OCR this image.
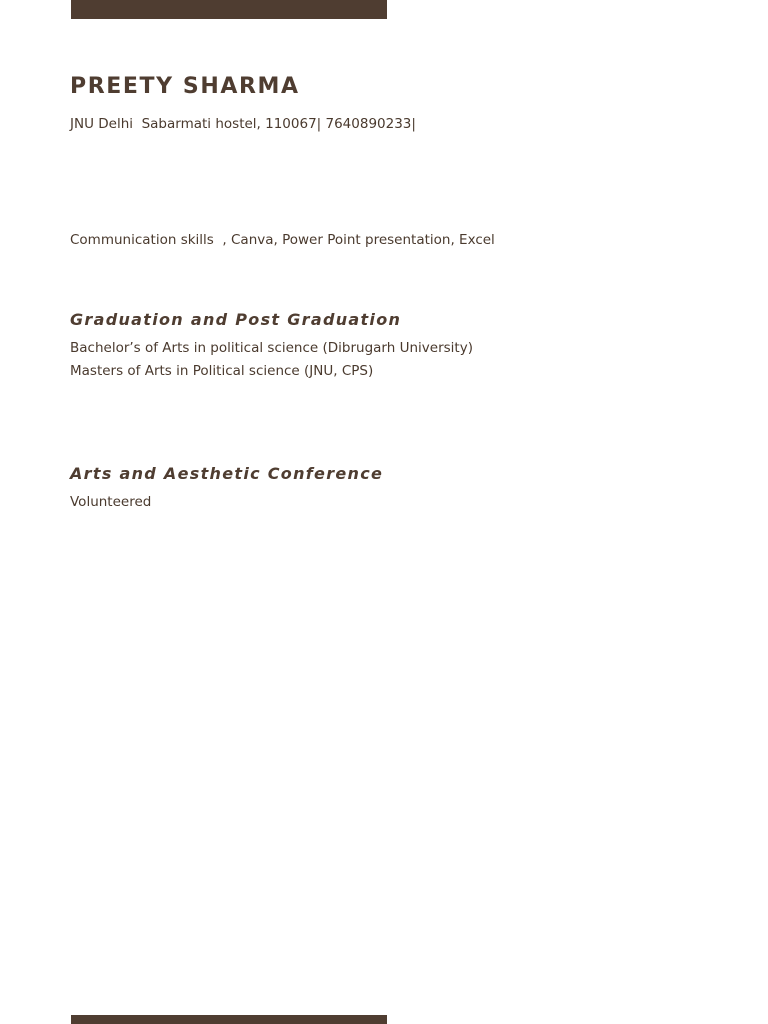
PREETY SHARMA
JNU Delhi  Sabarmati hostel, 110067| 7640890233|
Communication skills  , Canva, Power Point presentation, Excel
Graduation and Post Graduation
Bachelor’s of Arts in political science (Dibrugarh University)
Masters of Arts in Political science (JNU, CPS)
Arts and Aesthetic Conference
Volunteered
